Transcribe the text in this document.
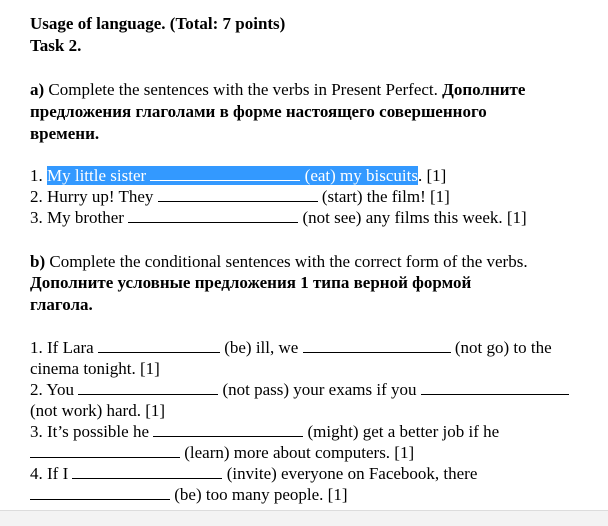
Usage of language. (Total: 7 points)
Task 2.
a) Complete the sentences with the verbs in Present Perfect. Дополните
предложения глаголами в форме настоящего совершенного
времени.
1. My little sister	(eat) my biscuits. [1]
2. Hurry up! They	(start) the film! [1]
3. My brother	(not see) any films this week. [1]
b) Complete the conditional sentences with the correct form of the verbs.
Дополните условные предложения 1 типа верной формой
глагола.
1. If Lara	(be) ill, we	(not go) to the
cinema tonight. [1]
2. You	(not pass) your exams if you
(not work) hard. [1]
3. It’s possible he	(might) get a better job if he
(learn) more about computers. [1]
4. If I	(invite) everyone on Facebook, there
(be) too many people. [1]
